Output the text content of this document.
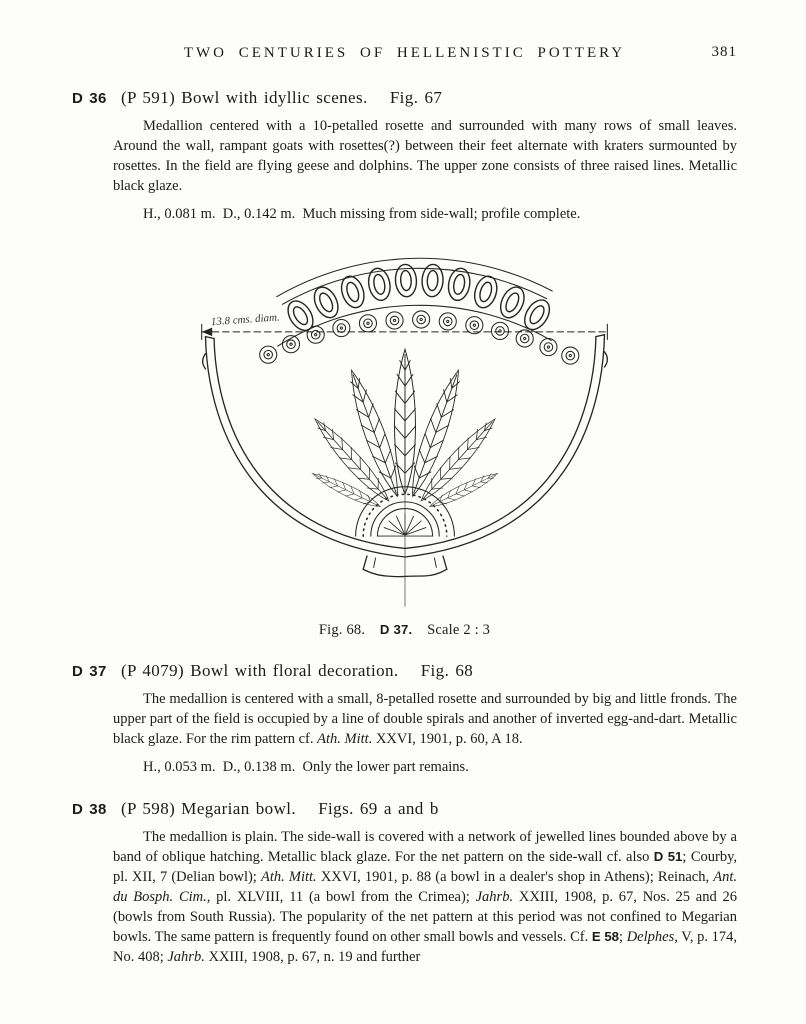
TWO CENTURIES OF HELLENISTIC POTTERY	381
D 36 (P 591) Bowl with idyllic scenes. Fig. 67

Medallion centered with a 10-petalled rosette and surrounded with many rows of small leaves. Around the wall, rampant goats with rosettes(?) between their feet alternate with kraters surmounted by rosettes. In the field are flying geese and dolphins. The upper zone consists of three raised lines. Metallic black glaze.

H., 0.081 m. D., 0.142 m. Much missing from side-wall; profile complete.

13.8 cms. diam.
Fig. 68. D 37. Scale 2 : 3
D 37 (P 4079) Bowl with floral decoration. Fig. 68

The medallion is centered with a small, 8-petalled rosette and surrounded by big and little fronds. The upper part of the field is occupied by a line of double spirals and another of inverted egg-and-dart. Metallic black glaze. For the rim pattern cf. Ath. Mitt. XXVI, 1901, p. 60, A 18.

H., 0.053 m. D., 0.138 m. Only the lower part remains.

D 38 (P 598) Megarian bowl. Figs. 69 a and b

The medallion is plain. The side-wall is covered with a network of jewelled lines bounded above by a band of oblique hatching. Metallic black glaze. For the net pattern on the side-wall cf. also D 51; Courby, pl. XII, 7 (Delian bowl); Ath. Mitt. XXVI, 1901, p. 88 (a bowl in a dealer's shop in Athens); Reinach, Ant. du Bosph. Cim., pl. XLVIII, 11 (a bowl from the Crimea); Jahrb. XXIII, 1908, p. 67, Nos. 25 and 26 (bowls from South Russia). The popularity of the net pattern at this period was not confined to Megarian bowls. The same pattern is frequently found on other small bowls and vessels. Cf. E 58; Delphes, V, p. 174, No. 408; Jahrb. XXIII, 1908, p. 67, n. 19 and further
